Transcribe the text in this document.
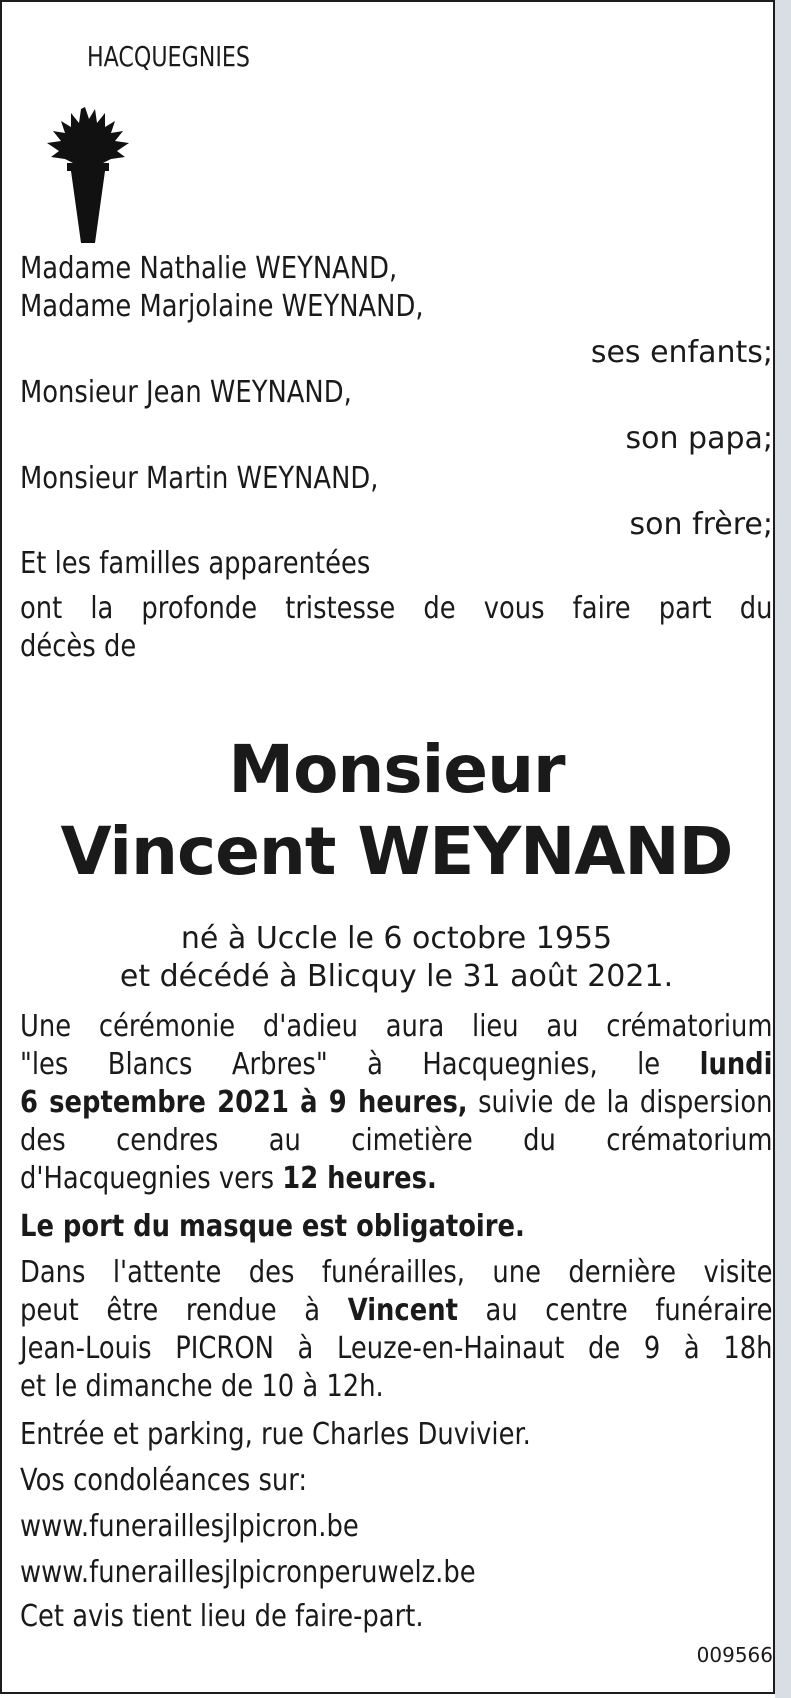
HACQUEGNIES
Madame Nathalie WEYNAND,
Madame Marjolaine WEYNAND,
ses enfants;
Monsieur Jean WEYNAND,
son papa;
Monsieur Martin WEYNAND,
son frère;
Et les familles apparentées
ont la profonde tristesse de vous faire part du
décès de
Monsieur
Vincent WEYNAND
né à Uccle le 6 octobre 1955
et décédé à Blicquy le 31 août 2021.
Une cérémonie d'adieu aura lieu au crématorium
"les Blancs Arbres" à Hacquegnies, le lundi
6 septembre 2021 à 9 heures, suivie de la dispersion
des cendres au cimetière du crématorium
d'Hacquegnies vers 12 heures.
Le port du masque est obligatoire.
Dans l'attente des funérailles, une dernière visite
peut être rendue à Vincent au centre funéraire
Jean-Louis PICRON à Leuze-en-Hainaut de 9 à 18h
et le dimanche de 10 à 12h.
Entrée et parking, rue Charles Duvivier.
Vos condoléances sur:
www.funeraillesjlpicron.be
www.funeraillesjlpicronperuwelz.be
Cet avis tient lieu de faire-part.
009566
